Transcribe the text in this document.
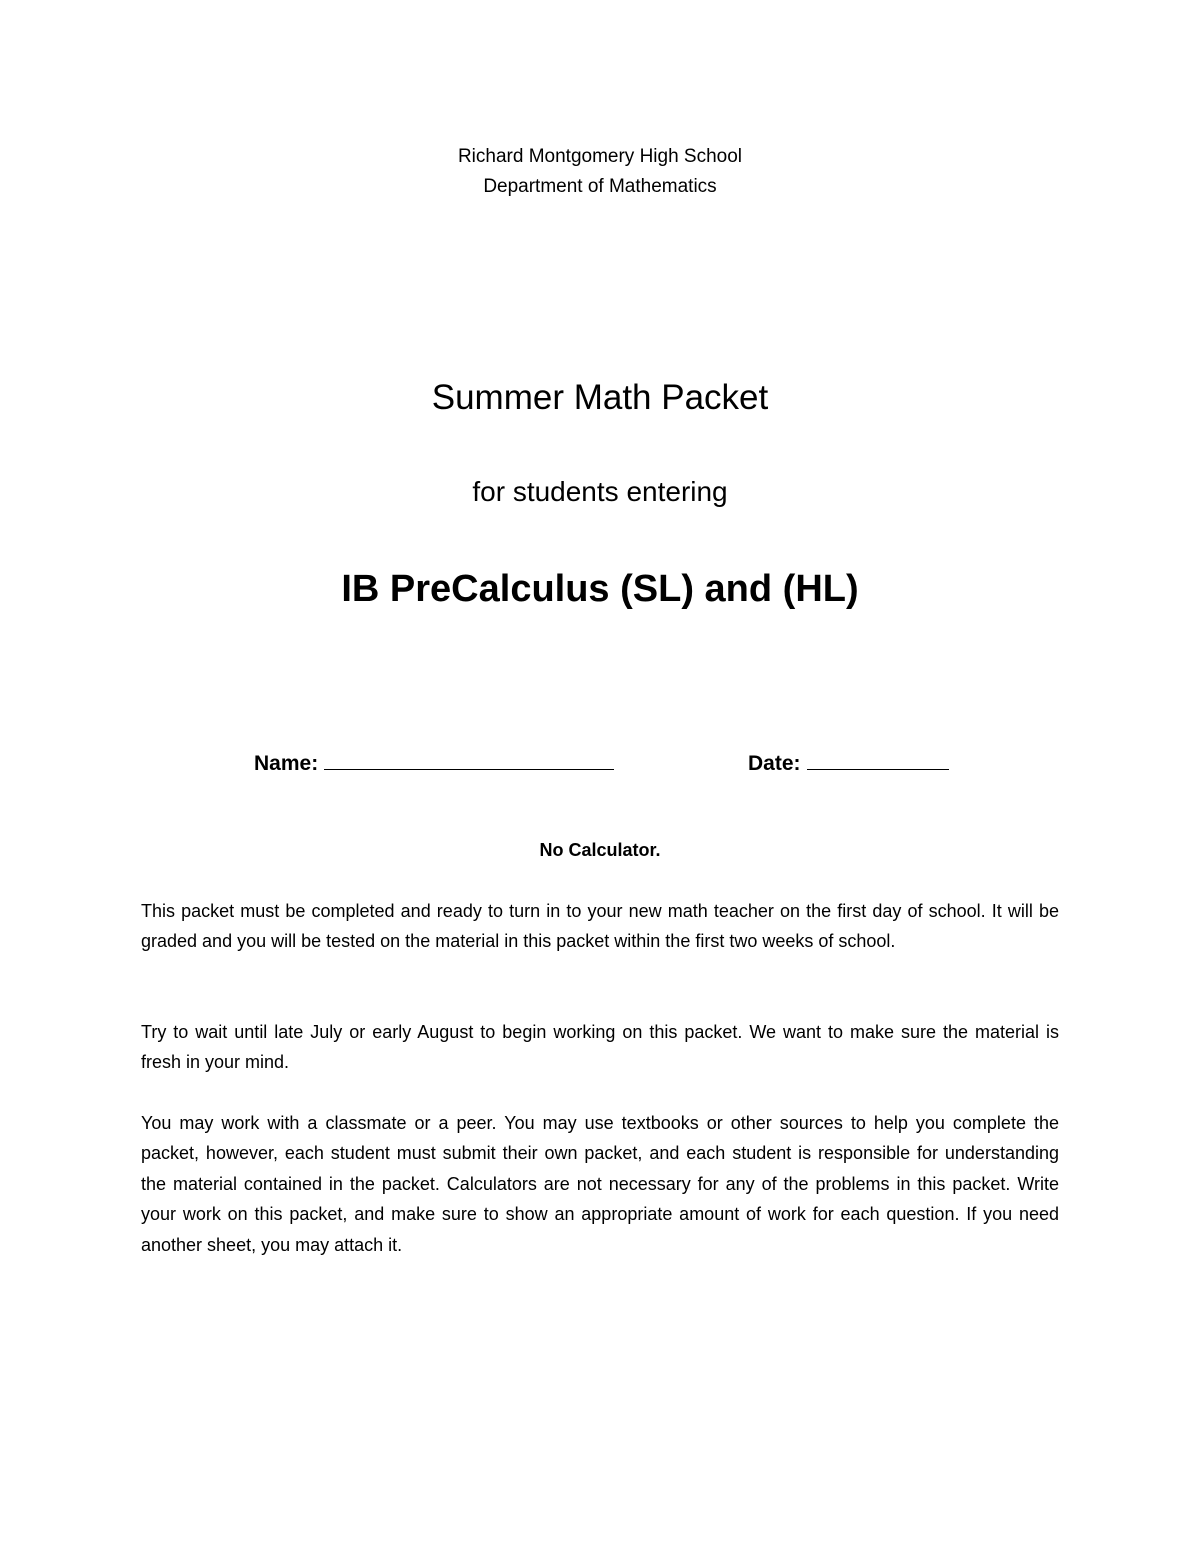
Richard Montgomery High School
Department of Mathematics
Summer Math Packet
for students entering
IB PreCalculus (SL) and (HL)
Name:	Date:
No Calculator.
This packet must be completed and ready to turn in to your new math teacher on the first day of school. It will be graded and you will be tested on the material in this packet within the first two weeks of school.
Try to wait until late July or early August to begin working on this packet. We want to make sure the material is fresh in your mind.
You may work with a classmate or a peer. You may use textbooks or other sources to help you complete the packet, however, each student must submit their own packet, and each student is responsible for understanding the material contained in the packet. Calculators are not necessary for any of the problems in this packet. Write your work on this packet, and make sure to show an appropriate amount of work for each question. If you need another sheet, you may attach it.
